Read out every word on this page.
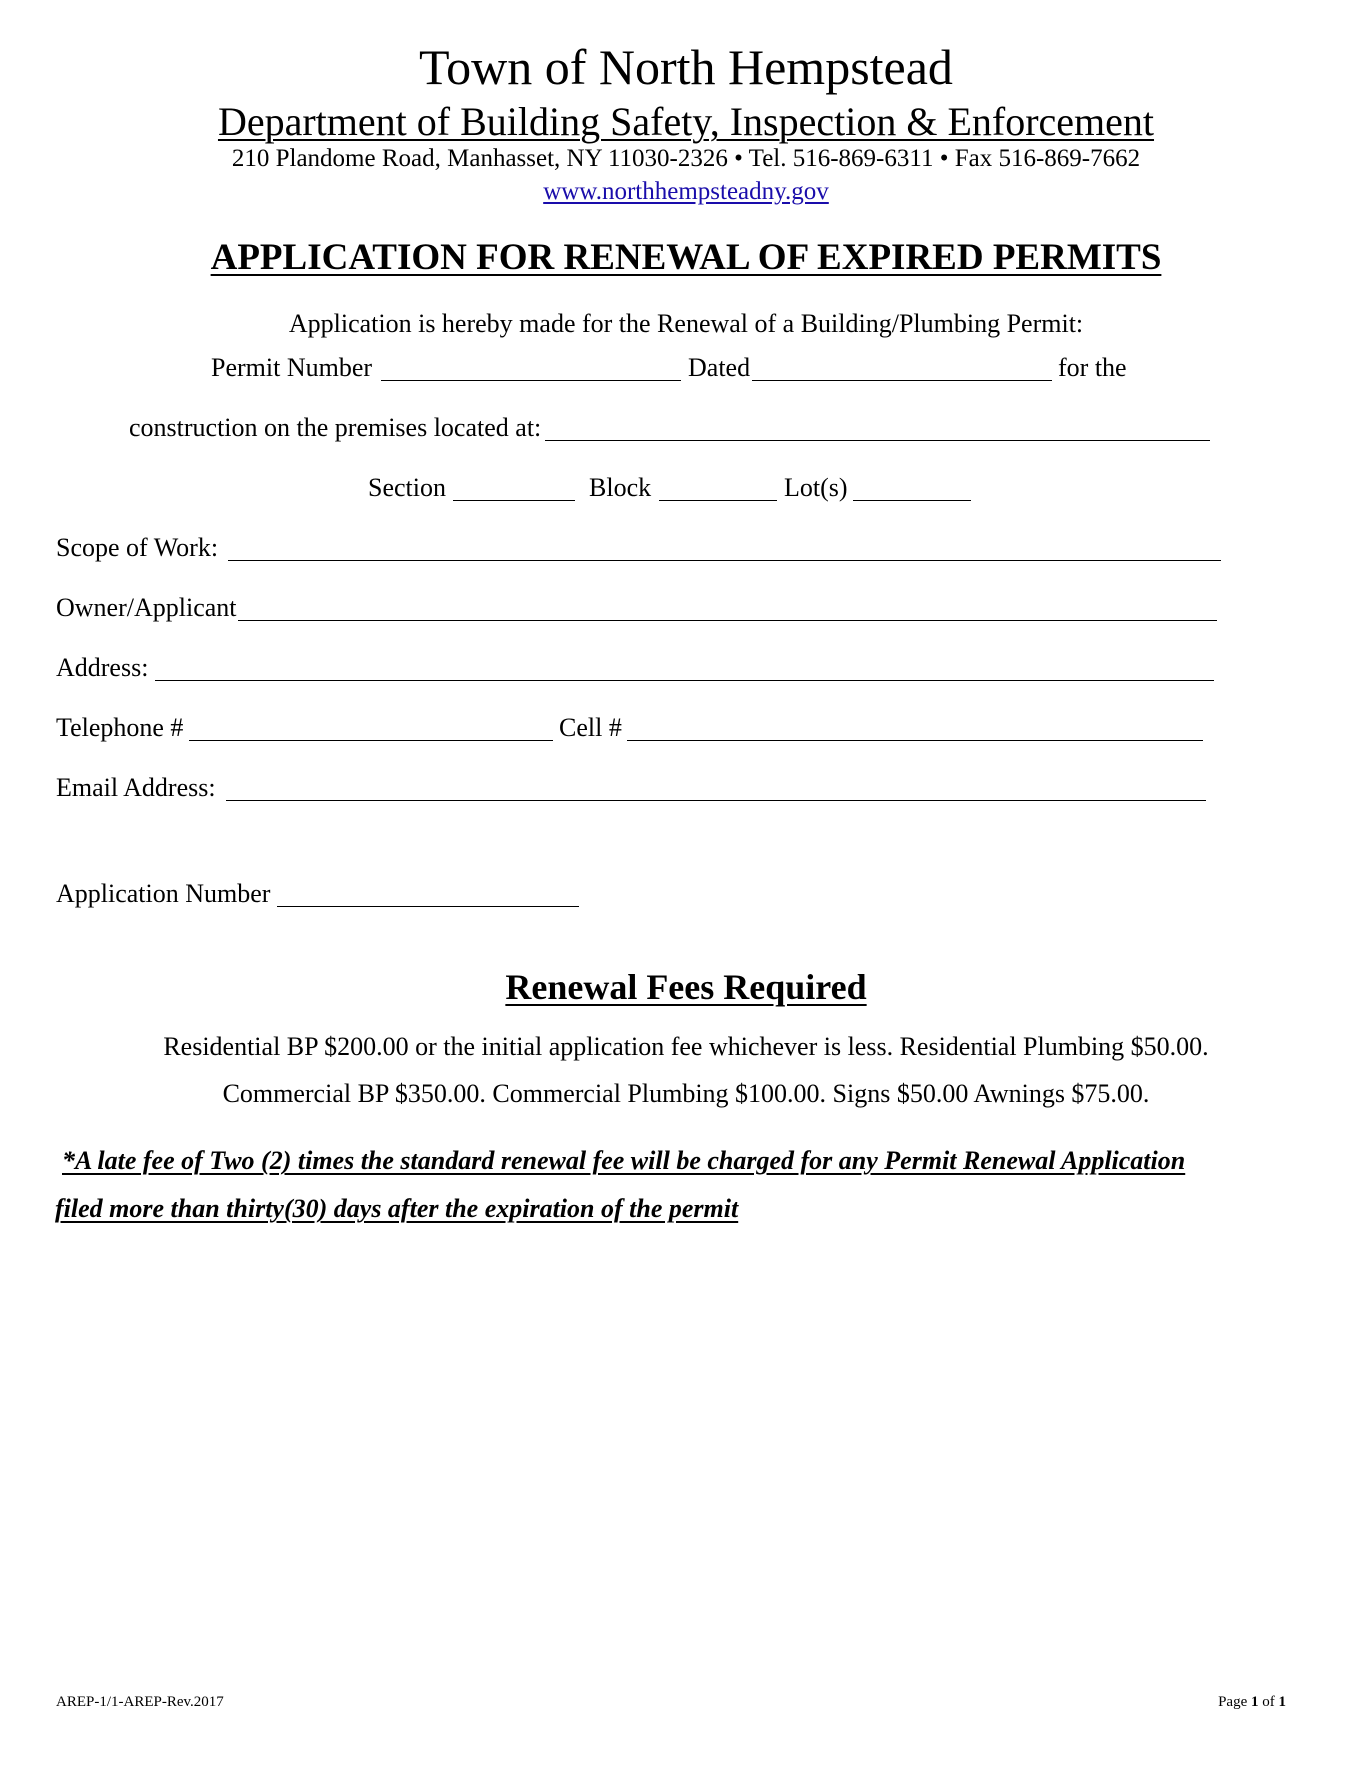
Town of North Hempstead
Department of Building Safety, Inspection & Enforcement
210 Plandome Road, Manhasset, NY 11030-2326 • Tel. 516-869-6311 • Fax 516-869-7662
www.northhempsteadny.gov
APPLICATION FOR RENEWAL OF EXPIRED PERMITS
Application is hereby made for the Renewal of a Building/Plumbing Permit:
Permit Number	Dated	for the
construction on the premises located at:
Section	Block	Lot(s)
Scope of Work:
Owner/Applicant
Address:
Telephone #	Cell #
Email Address:
Application Number
Renewal Fees Required
Residential BP $200.00 or the initial application fee whichever is less. Residential Plumbing $50.00.
Commercial BP $350.00. Commercial Plumbing $100.00. Signs $50.00 Awnings $75.00.
*A late fee of Two (2) times the standard renewal fee will be charged for any Permit Renewal Application
filed more than thirty(30) days after the expiration of the permit
AREP-1/1-AREP-Rev.2017	Page 1 of 1
